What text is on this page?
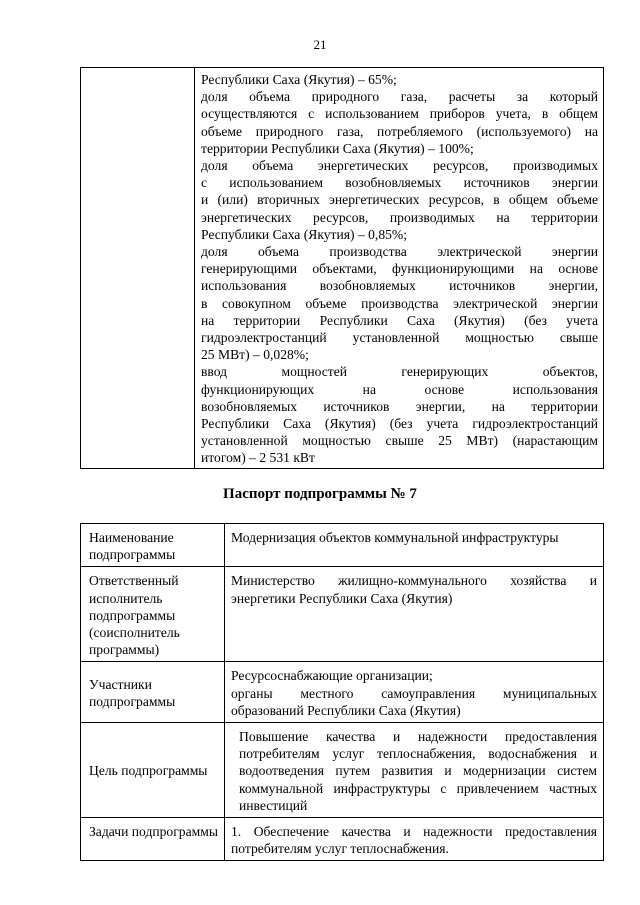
21

Республики Саха (Якутия) – 65%;
доля объема природного газа, расчеты за который
осуществляются с использованием приборов учета, в общем
объеме природного газа, потребляемого (используемого) на
территории Республики Саха (Якутия) – 100%;
доля объема энергетических ресурсов, производимых
с использованием возобновляемых источников энергии
и (или) вторичных энергетических ресурсов, в общем объеме
энергетических ресурсов, производимых на территории
Республики Саха (Якутия) – 0,85%;
доля объема производства электрической энергии
генерирующими объектами, функционирующими на основе
использования возобновляемых источников энергии,
в совокупном объеме производства электрической энергии
на территории Республики Саха (Якутия) (без учета
гидроэлектростанций установленной мощностью свыше
25 МВт) – 0,028%;
ввод мощностей генерирующих объектов,
функционирующих на основе использования
возобновляемых источников энергии, на территории
Республики Саха (Якутия) (без учета гидроэлектростанций
установленной мощностью свыше 25 МВт) (нарастающим
итогом) – 2 531 кВт
Паспорт подпрограммы № 7
Наименование подпрограммы	Модернизация объектов коммунальной инфраструктуры
Ответственный исполнитель подпрограммы (соисполнитель программы)	Министерство жилищно-коммунального хозяйства и энергетики Республики Саха (Якутия)
Участники подпрограммы	Ресурсоснабжающие организации;
органы местного самоуправления муниципальных образований Республики Саха (Якутия)

Цель подпрограммы	Повышение качества и надежности предоставления потребителям услуг теплоснабжения, водоснабжения и водоотведения путем развития и модернизации систем коммунальной инфраструктуры с привлечением частных инвестиций
Задачи подпрограммы	1. Обеспечение качества и надежности предоставления потребителям услуг теплоснабжения.
